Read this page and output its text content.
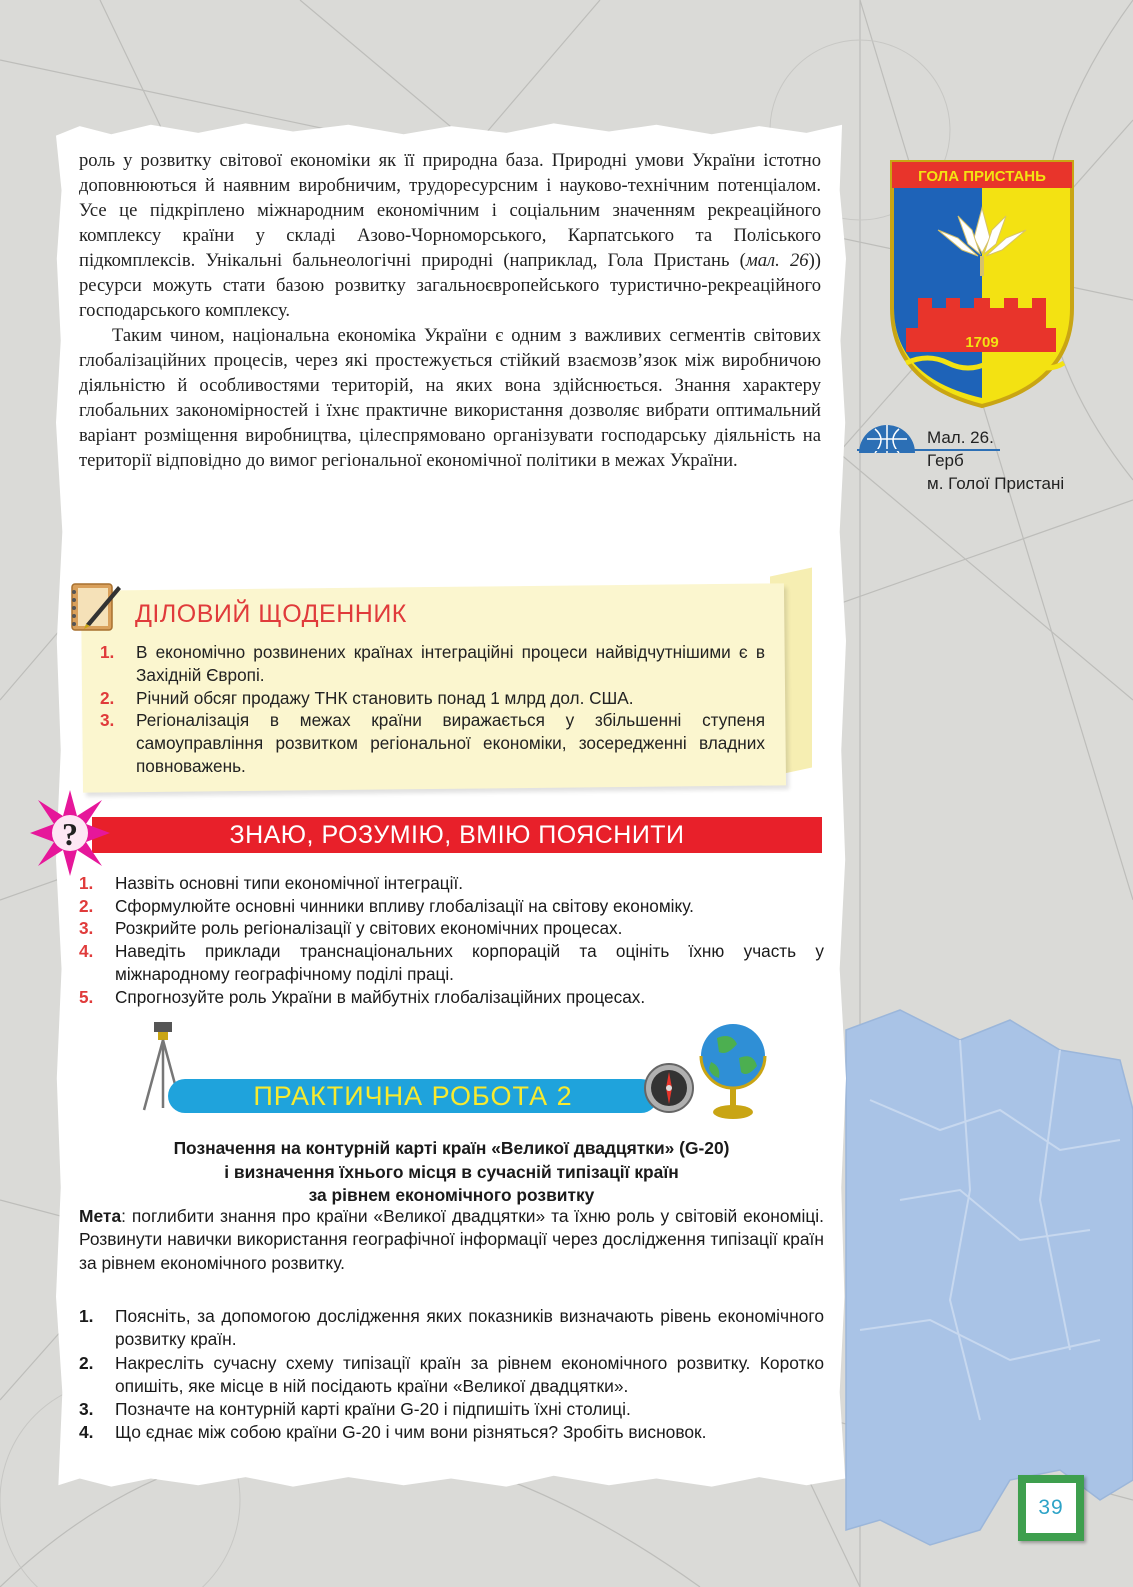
роль у розвитку світової економіки як її природна база. Природні умови України істотно доповнюються й наявним виробничим, трудоресурсним і науково-технічним потенціалом. Усе це підкріплено міжнародним економічним і соціальним значенням рекреаційного комплексу країни у складі Азово-Чорноморського, Карпатського та Поліського підкомплексів. Унікальні бальнеологічні природні (наприклад, Гола Пристань (мал. 26)) ресурси можуть стати базою розвитку загальноєвропейського туристично-рекреаційного господарського комплексу.

Таким чином, національна економіка України є одним з важливих сегментів світових глобалізаційних процесів, через які простежується стійкий взаємозв’язок між виробничою діяльністю й особливостями територій, на яких вона здійснюється. Знання характеру глобальних закономірностей і їхнє практичне використання дозволяє вибрати оптимальний варіант розміщення виробництва, цілеспрямовано організувати господарську діяльність на території відповідно до вимог регіональної економічної політики в межах України.

ГОЛА ПРИСТАНЬ
1709
Мал. 26.
Герб
м. Голої Пристані
ДІЛОВИЙ ЩОДЕННИК
1. В економічно розвинених країнах інтеграційні процеси найвідчутнішими є в Західній Європі.
2. Річний обсяг продажу ТНК становить понад 1 млрд дол. США.
3. Регіоналізація в межах країни виражається у збільшенні ступеня самоуправління розвитком регіональної економіки, зосередженні владних повноважень.
?	ЗНАЮ, РОЗУМІЮ, ВМІЮ ПОЯСНИТИ
1. Назвіть основні типи економічної інтеграції.
2. Сформулюйте основні чинники впливу глобалізації на світову економіку.
3. Розкрийте роль регіоналізації у світових економічних процесах.
4. Наведіть приклади транснаціональних корпорацій та оцініть їхню участь у міжнародному географічному поділі праці.
5. Спрогнозуйте роль України в майбутніх глобалізаційних процесах.
ПРАКТИЧНА РОБОТА 2
Позначення на контурній карті країн «Великої двадцятки» (G-20)
і визначення їхнього місця в сучасній типізації країн
за рівнем економічного розвитку
Мета: поглибити знання про країни «Великої двадцятки» та їхню роль у світовій економіці. Розвинути навички використання географічної інформації через дослідження типізації країн за рівнем економічного розвитку.
1. Поясніть, за допомогою дослідження яких показників визначають рівень економічного розвитку країн.
2. Накресліть сучасну схему типізації країн за рівнем економічного розвитку. Коротко опишіть, яке місце в ній посідають країни «Великої двадцятки».
3. Позначте на контурній карті країни G-20 і підпишіть їхні столиці.
4. Що єднає між собою країни G-20 і чим вони різняться? Зробіть висновок.
39
